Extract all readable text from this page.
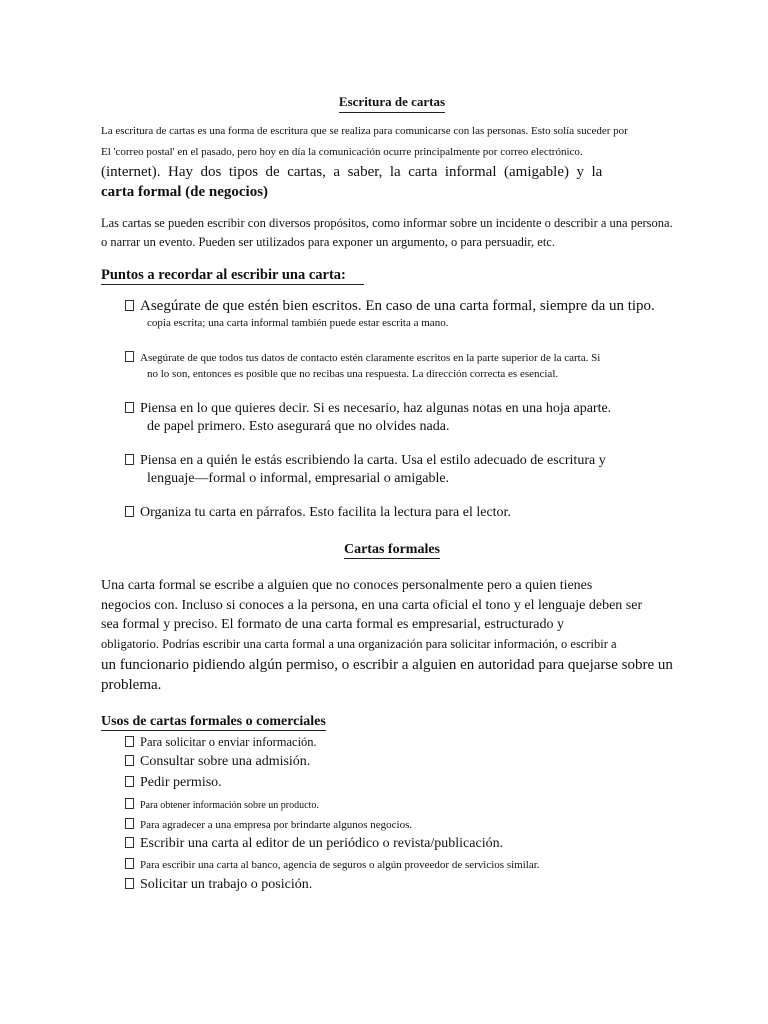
Escritura de cartas
La escritura de cartas es una forma de escritura que se realiza para comunicarse con las personas. Esto solía suceder por
El 'correo postal' en el pasado, pero hoy en día la comunicación ocurre principalmente por correo electrónico.
(internet).  Hay  dos  tipos  de  cartas,  a  saber,  la  carta  informal  (amigable)  y  la
carta formal (de negocios)
Las cartas se pueden escribir con diversos propósitos, como informar sobre un incidente o describir a una persona.
o narrar un evento. Pueden ser utilizados para exponer un argumento, o para persuadir, etc.
Puntos a recordar al escribir una carta:
Asegúrate de que estén bien escritos. En caso de una carta formal, siempre da un tipo.
copia escrita; una carta informal también puede estar escrita a mano.
Asegúrate de que todos tus datos de contacto estén claramente escritos en la parte superior de la carta. Si
no lo son, entonces es posible que no recibas una respuesta. La dirección correcta es esencial.
Piensa en lo que quieres decir. Si es necesario, haz algunas notas en una hoja aparte.
de papel primero. Esto asegurará que no olvides nada.
Piensa en a quién le estás escribiendo la carta. Usa el estilo adecuado de escritura y
lenguaje—formal o informal, empresarial o amigable.
Organiza tu carta en párrafos. Esto facilita la lectura para el lector.
Cartas formales
Una carta formal se escribe a alguien que no conoces personalmente pero a quien tienes
negocios con. Incluso si conoces a la persona, en una carta oficial el tono y el lenguaje deben ser
sea formal y preciso. El formato de una carta formal es empresarial, estructurado y
obligatorio. Podrías escribir una carta formal a una organización para solicitar información, o escribir a
un funcionario pidiendo algún permiso, o escribir a alguien en autoridad para quejarse sobre un
problema.
Usos de cartas formales o comerciales
Para solicitar o enviar información.
Consultar sobre una admisión.
Pedir permiso.
Para obtener información sobre un producto.
Para agradecer a una empresa por brindarte algunos negocios.
Escribir una carta al editor de un periódico o revista/publicación.
Para escribir una carta al banco, agencia de seguros o algún proveedor de servicios similar.
Solicitar un trabajo o posición.
